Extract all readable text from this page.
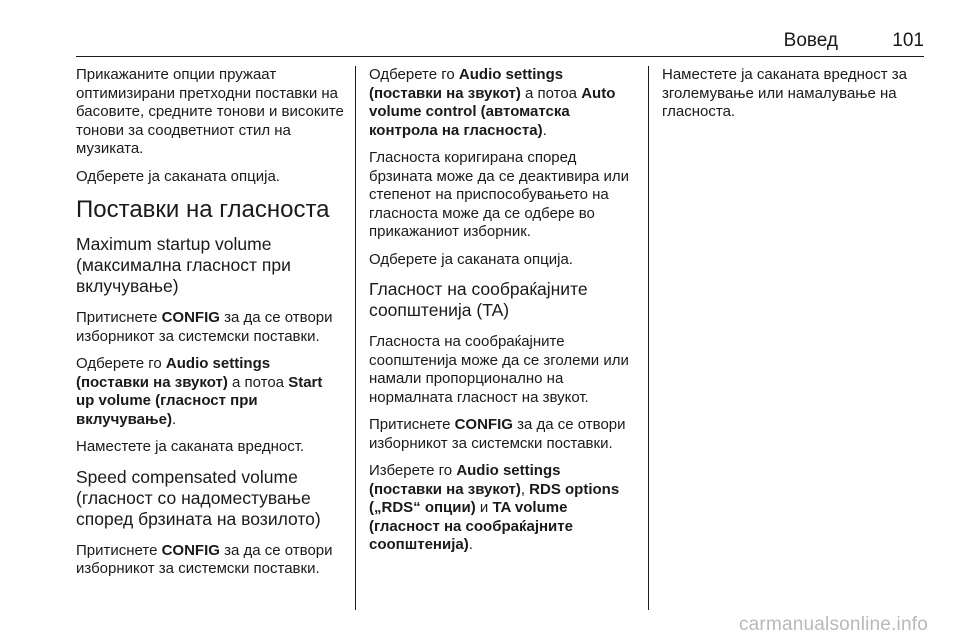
Вовед	101

Прикажаните опции пружаат оптимизирани претходни поставки на басовите, средните тонови и високите тонови за соодветниот стил на музиката.

Одберете ја саканата опција.

Поставки на гласноста
Maximum startup volume (максимална гласност при вклучување)

Притиснете CONFIG за да се отвори изборникот за системски поставки.

Одберете го Audio settings (поставки на звукот) а потоа Start up volume (гласност при вклучување).

Наместете ја саканата вредност.

Speed compensated volume (гласност со надоместување според брзината на возилото)

Притиснете CONFIG за да се отвори изборникот за системски поставки.

Одберете го Audio settings (поставки на звукот) а потоа Auto volume control (автоматска контрола на гласноста).

Гласноста коригирана според брзината може да се деактивира или степенот на приспособувањето на гласноста може да се одбере во прикажаниот изборник.

Одберете ја саканата опција.

Гласност на сообраќајните соопштенија (TA)

Гласноста на сообраќајните соопштенија може да се зголеми или намали пропорционално на нормалната гласност на звукот.

Притиснете CONFIG за да се отвори изборникот за системски поставки.

Изберете го Audio settings (поставки на звукот), RDS options („RDS“ опции) и TA volume (гласност на сообраќајните соопштенија).

Наместете ја саканата вредност за зголемување или намалување на гласноста.

carmanualsonline.info
